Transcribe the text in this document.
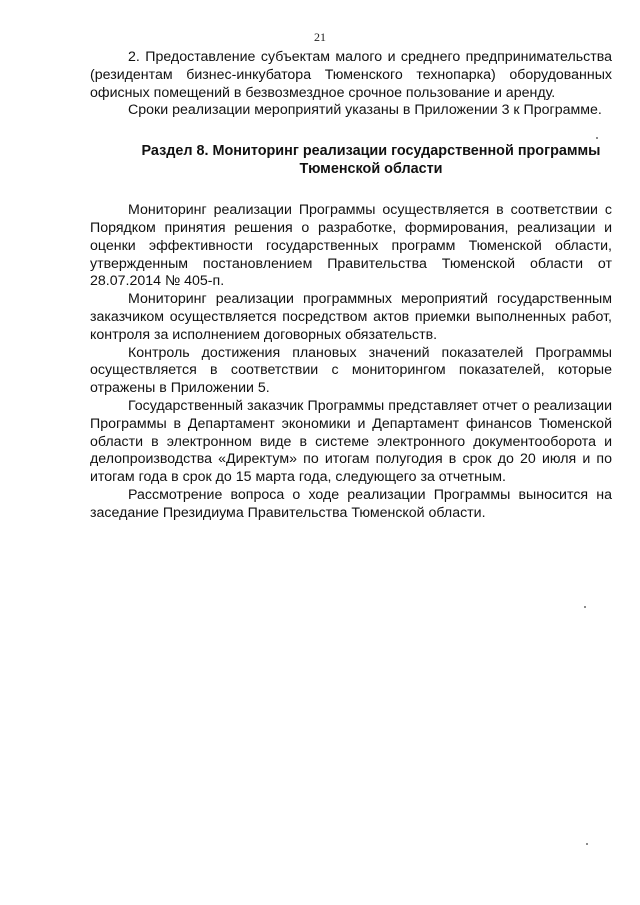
21

2. Предоставление субъектам малого и среднего предпринимательства (резидентам бизнес-инкубатора Тюменского технопарка) оборудованных офисных помещений в безвозмездное срочное пользование и аренду.

Сроки реализации мероприятий указаны в Приложении 3 к Программе.

Раздел 8. Мониторинг реализации государственной программы Тюменской области

Мониторинг реализации Программы осуществляется в соответствии с Порядком принятия решения о разработке, формирования, реализации и оценки эффективности государственных программ Тюменской области, утвержденным постановлением Правительства Тюменской области от 28.07.2014 № 405-п.

Мониторинг реализации программных мероприятий государственным заказчиком осуществляется посредством актов приемки выполненных работ, контроля за исполнением договорных обязательств.

Контроль достижения плановых значений показателей Программы осуществляется в соответствии с мониторингом показателей, которые отражены в Приложении 5.

Государственный заказчик Программы представляет отчет о реализации Программы в Департамент экономики и Департамент финансов Тюменской области в электронном виде в системе электронного документооборота и делопроизводства «Директум» по итогам полугодия в срок до 20 июля и по итогам года в срок до 15 марта года, следующего за отчетным.

Рассмотрение вопроса о ходе реализации Программы выносится на заседание Президиума Правительства Тюменской области.
